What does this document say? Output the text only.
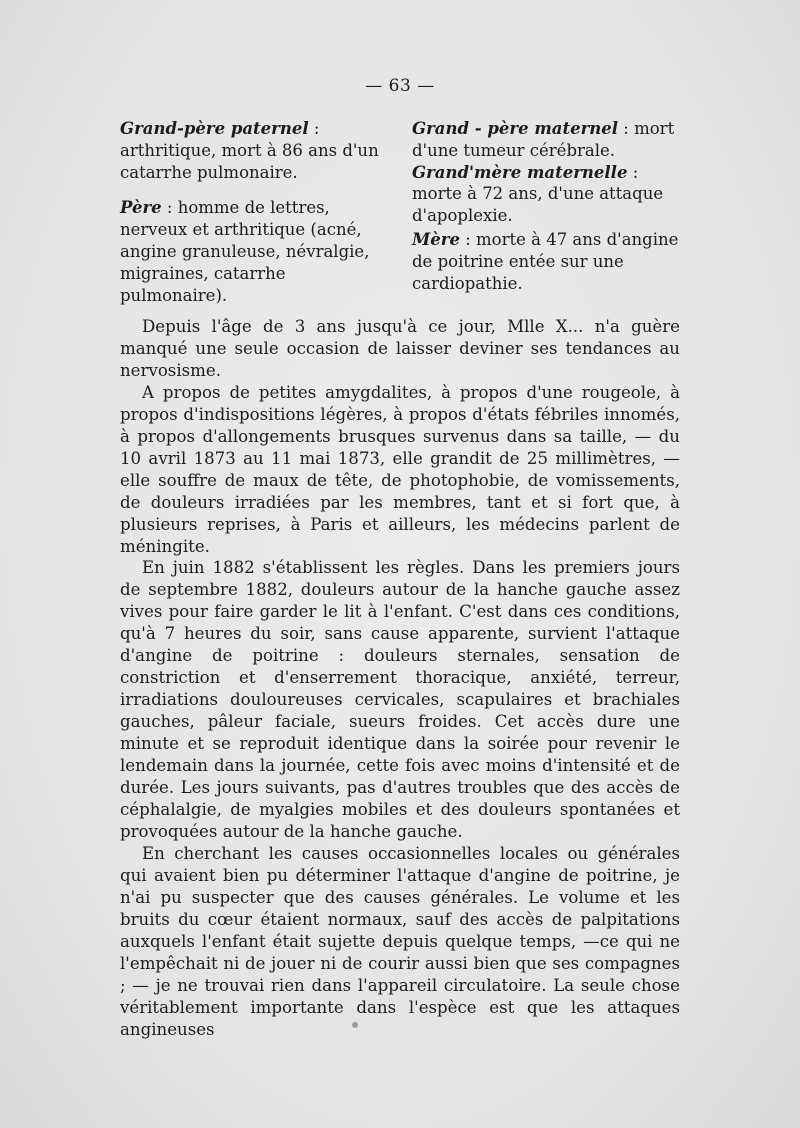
— 63 —

Grand-père paternel : arthritique, mort à 86 ans d'un catarrhe pulmonaire.

Père : homme de lettres, nerveux et arthritique (acné, angine granuleuse, névralgie, migraines, catarrhe pulmonaire).

Grand - père maternel : mort d'une tumeur cérébrale.

Grand'mère maternelle : morte à 72 ans, d'une attaque d'apoplexie.

Mère : morte à 47 ans d'angine de poitrine entée sur une cardiopathie.

Depuis l'âge de 3 ans jusqu'à ce jour, Mlle X... n'a guère manqué une seule occasion de laisser deviner ses tendances au nervosisme.

A propos de petites amygdalites, à propos d'une rougeole, à propos d'indispositions légères, à propos d'états fébriles innomés, à propos d'allongements brusques survenus dans sa taille, — du 10 avril 1873 au 11 mai 1873, elle grandit de 25 millimètres, — elle souffre de maux de tête, de photophobie, de vomissements, de douleurs irradiées par les membres, tant et si fort que, à plusieurs reprises, à Paris et ailleurs, les médecins parlent de méningite.

En juin 1882 s'établissent les règles. Dans les premiers jours de septembre 1882, douleurs autour de la hanche gauche assez vives pour faire garder le lit à l'enfant. C'est dans ces conditions, qu'à 7 heures du soir, sans cause apparente, survient l'attaque d'angine de poitrine : douleurs sternales, sensation de constriction et d'enserrement thoracique, anxiété, terreur, irradiations douloureuses cervicales, scapulaires et brachiales gauches, pâleur faciale, sueurs froides. Cet accès dure une minute et se reproduit identique dans la soirée pour revenir le lendemain dans la journée, cette fois avec moins d'intensité et de durée. Les jours suivants, pas d'autres troubles que des accès de céphalalgie, de myalgies mobiles et des douleurs spontanées et provoquées autour de la hanche gauche.

En cherchant les causes occasionnelles locales ou générales qui avaient bien pu déterminer l'attaque d'angine de poitrine, je n'ai pu suspecter que des causes générales. Le volume et les bruits du cœur étaient normaux, sauf des accès de palpitations auxquels l'enfant était sujette depuis quelque temps, —ce qui ne l'empêchait ni de jouer ni de courir aussi bien que ses compagnes ; — je ne trouvai rien dans l'appareil circulatoire. La seule chose véritablement importante dans l'espèce est que les attaques angineuses
